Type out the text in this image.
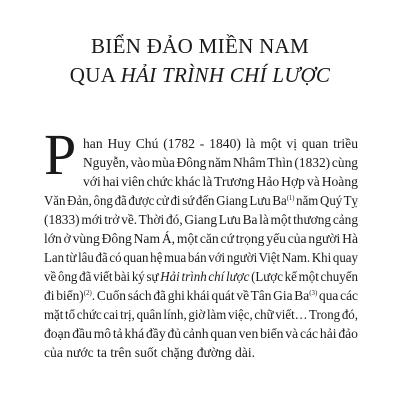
BIỂN ĐẢO MIỀN NAM
QUA HẢI TRÌNH CHÍ LƯỢC
P han Huy Chú (1782 - 1840) là một vị quan triều

Nguyễn, vào mùa Đông năm Nhâm Thìn (1832) cùng

với hai viên chức khác là Trương Hảo Hợp và Hoàng

Văn Đản, ông đã được cử đi sứ đến Giang Lưu Ba$^{(1)}$ năm Quý Tỵ

(1833) mới trở về. Thời đó, Giang Lưu Ba là một thương cảng

lớn ở vùng Đông Nam Á, một căn cứ trọng yếu của người Hà

Lan từ lâu đã có quan hệ mua bán với người Việt Nam. Khi quay

về ông đã viết bài ký sự Hải trình chí lược (Lược kể một chuyến

đi biển)$^{(2)}$. Cuốn sách đã ghi khái quát về Tân Gia Ba$^{(3)}$ qua các

mặt tổ chức cai trị, quân lính, giờ làm việc, chữ viết… Trong đó,

đoạn đầu mô tả khá đầy đủ cảnh quan ven biển và các hải đảo

của nước ta trên suốt chặng đường dài.
